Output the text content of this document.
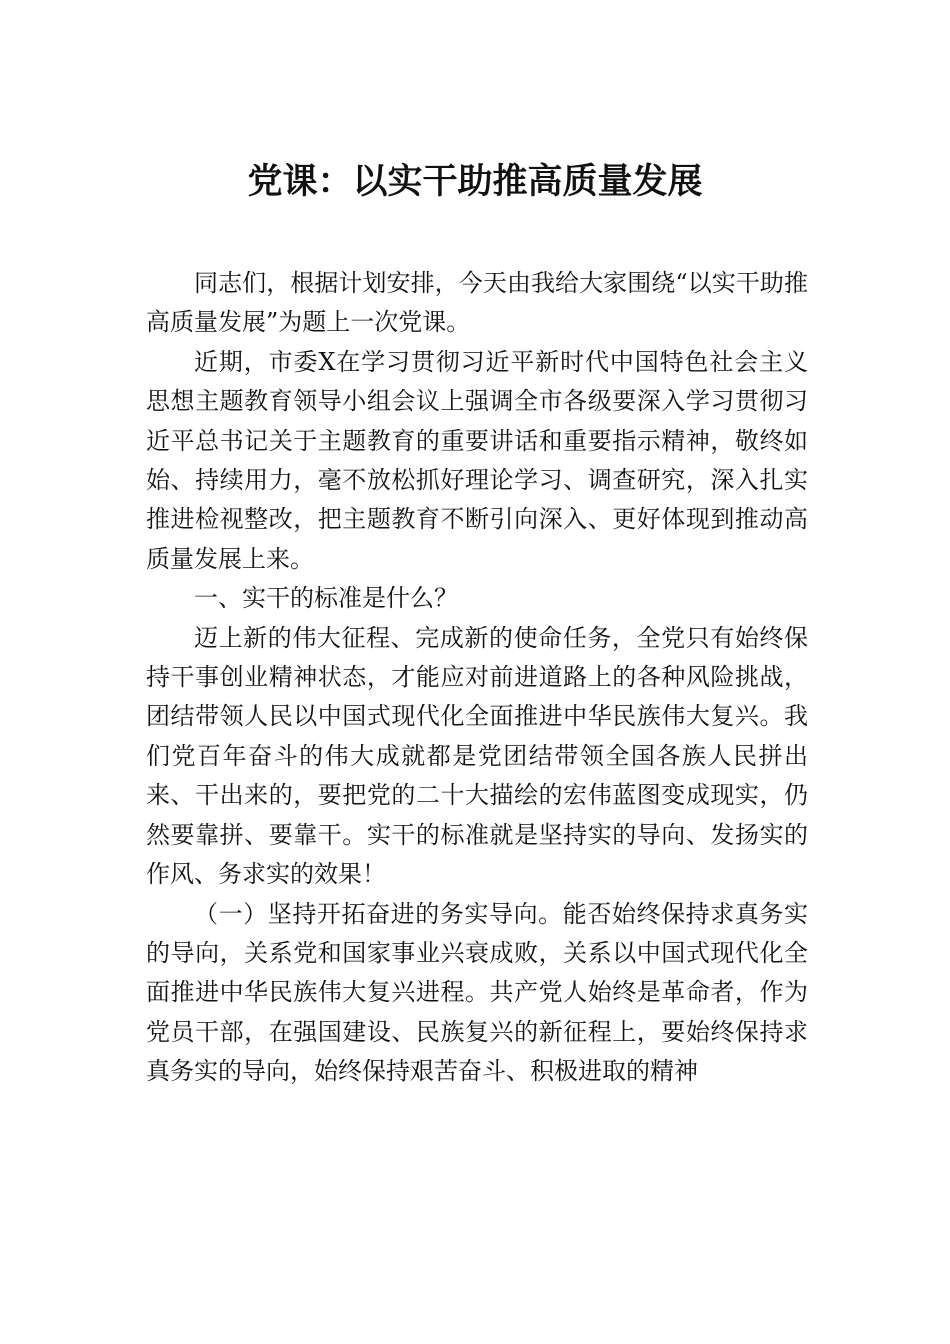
党课：以实干助推高质量发展

同志们，根据计划安排，今天由我给大家围绕“以实干助推高质量发展”为题上一次党课。

近期，市委X在学习贯彻习近平新时代中国特色社会主义思想主题教育领导小组会议上强调全市各级要深入学习贯彻习近平总书记关于主题教育的重要讲话和重要指示精神，敬终如始、持续用力，毫不放松抓好理论学习、调查研究，深入扎实推进检视整改，把主题教育不断引向深入、更好体现到推动高质量发展上来。

一、实干的标准是什么？

迈上新的伟大征程、完成新的使命任务，全党只有始终保持干事创业精神状态，才能应对前进道路上的各种风险挑战，团结带领人民以中国式现代化全面推进中华民族伟大复兴。我们党百年奋斗的伟大成就都是党团结带领全国各族人民拼出来、干出来的，要把党的二十大描绘的宏伟蓝图变成现实，仍然要靠拼、要靠干。实干的标准就是坚持实的导向、发扬实的作风、务求实的效果！

（一）坚持开拓奋进的务实导向。能否始终保持求真务实的导向，关系党和国家事业兴衰成败，关系以中国式现代化全面推进中华民族伟大复兴进程。共产党人始终是革命者，作为党员干部，在强国建设、民族复兴的新征程上，要始终保持求真务实的导向，始终保持艰苦奋斗、积极进取的精神
